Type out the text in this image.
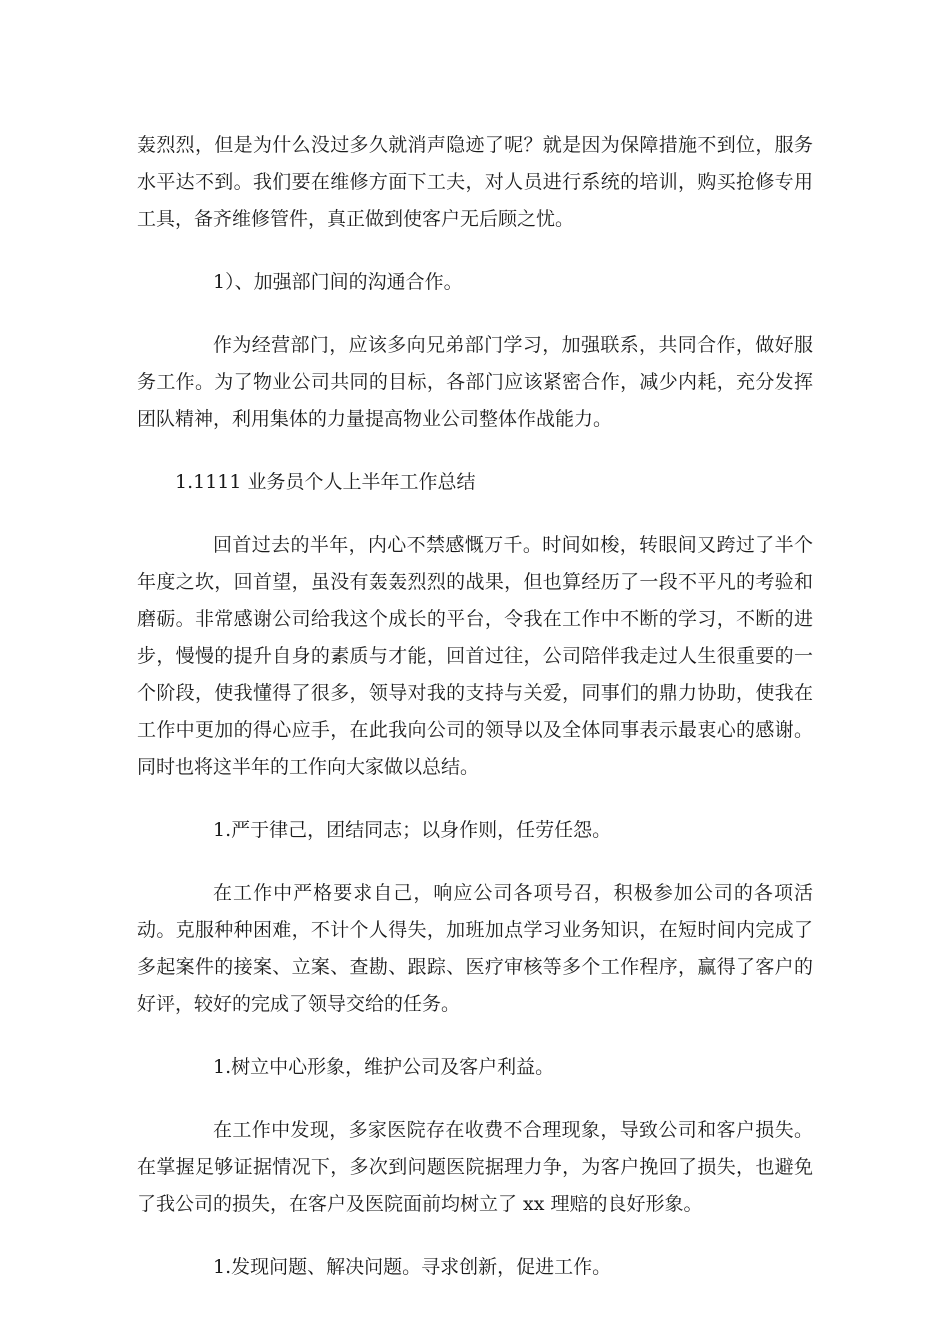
轰烈烈，但是为什么没过多久就消声隐迹了呢？就是因为保障措施不到位，服务水平达不到。我们要在维修方面下工夫，对人员进行系统的培训，购买抢修专用工具，备齐维修管件，真正做到使客户无后顾之忧。

1）、加强部门间的沟通合作。

作为经营部门，应该多向兄弟部门学习，加强联系，共同合作，做好服务工作。为了物业公司共同的目标，各部门应该紧密合作，减少内耗，充分发挥团队精神，利用集体的力量提高物业公司整体作战能力。

1.1111 业务员个人上半年工作总结

回首过去的半年，内心不禁感慨万千。时间如梭，转眼间又跨过了半个年度之坎，回首望，虽没有轰轰烈烈的战果，但也算经历了一段不平凡的考验和磨砺。非常感谢公司给我这个成长的平台，令我在工作中不断的学习，不断的进步，慢慢的提升自身的素质与才能，回首过往，公司陪伴我走过人生很重要的一个阶段，使我懂得了很多，领导对我的支持与关爱，同事们的鼎力协助，使我在工作中更加的得心应手，在此我向公司的领导以及全体同事表示最衷心的感谢。同时也将这半年的工作向大家做以总结。

1.严于律己，团结同志；以身作则，任劳任怨。

在工作中严格要求自己，响应公司各项号召，积极参加公司的各项活动。克服种种困难，不计个人得失，加班加点学习业务知识，在短时间内完成了多起案件的接案、立案、查勘、跟踪、医疗审核等多个工作程序，赢得了客户的好评，较好的完成了领导交给的任务。

1.树立中心形象，维护公司及客户利益。

在工作中发现，多家医院存在收费不合理现象，导致公司和客户损失。在掌握足够证据情况下，多次到问题医院据理力争，为客户挽回了损失，也避免了我公司的损失，在客户及医院面前均树立了 xx 理赔的良好形象。

1.发现问题、解决问题。寻求创新，促进工作。
